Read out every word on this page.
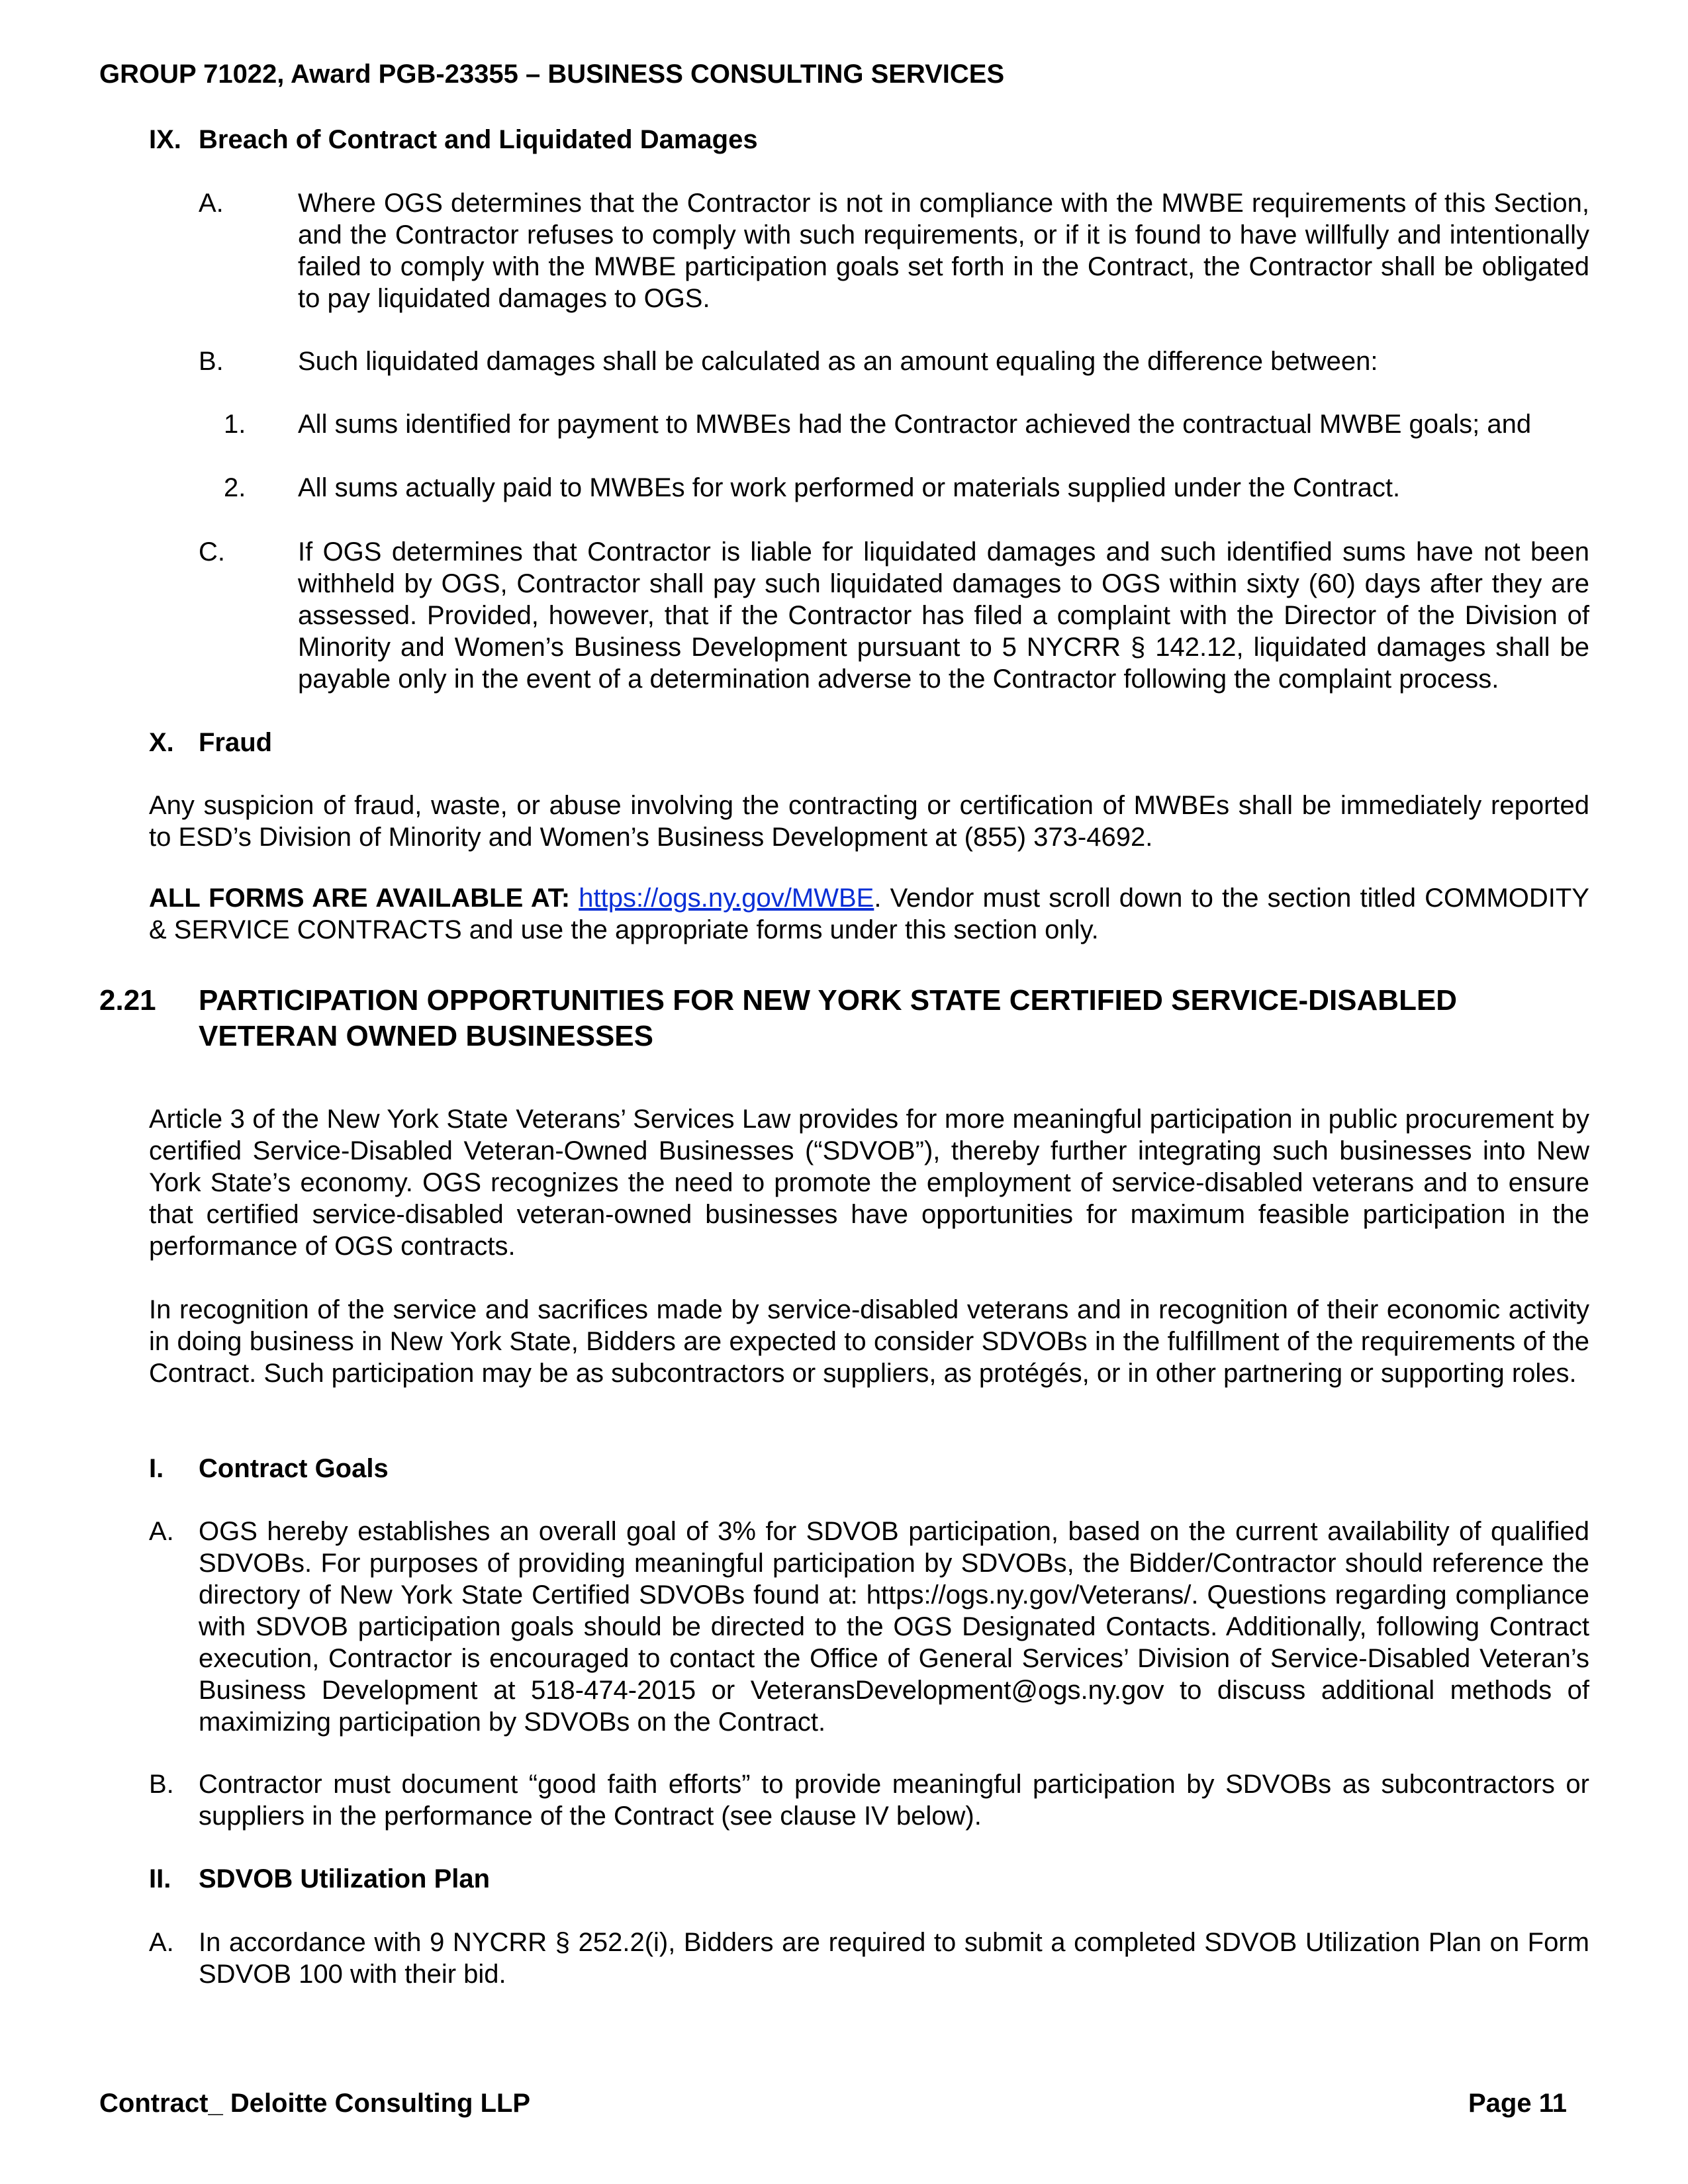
GROUP 71022, Award PGB-23355 – BUSINESS CONSULTING SERVICES
IX. Breach of Contract and Liquidated Damages
A.	Where OGS determines that the Contractor is not in compliance with the MWBE requirements of this Section, and the Contractor refuses to comply with such requirements, or if it is found to have willfully and intentionally failed to comply with the MWBE participation goals set forth in the Contract, the Contractor shall be obligated to pay liquidated damages to OGS.

B.	Such liquidated damages shall be calculated as an amount equaling the difference between:

1. All sums identified for payment to MWBEs had the Contractor achieved the contractual MWBE goals; and

2. All sums actually paid to MWBEs for work performed or materials supplied under the Contract.

C.	If OGS determines that Contractor is liable for liquidated damages and such identified sums have not been withheld by OGS, Contractor shall pay such liquidated damages to OGS within sixty (60) days after they are assessed. Provided, however, that if the Contractor has filed a complaint with the Director of the Division of Minority and Women’s Business Development pursuant to 5 NYCRR § 142.12, liquidated damages shall be payable only in the event of a determination adverse to the Contractor following the complaint process.

X. Fraud

Any suspicion of fraud, waste, or abuse involving the contracting or certification of MWBEs shall be immediately reported to ESD’s Division of Minority and Women’s Business Development at (855) 373-4692.

ALL FORMS ARE AVAILABLE AT: https://ogs.ny.gov/MWBE. Vendor must scroll down to the section titled COMMODITY & SERVICE CONTRACTS and use the appropriate forms under this section only.

2.21 PARTICIPATION OPPORTUNITIES FOR NEW YORK STATE CERTIFIED SERVICE-DISABLED VETERAN OWNED BUSINESSES

Article 3 of the New York State Veterans’ Services Law provides for more meaningful participation in public procurement by certified Service-Disabled Veteran-Owned Businesses (“SDVOB”), thereby further integrating such businesses into New York State’s economy. OGS recognizes the need to promote the employment of service-disabled veterans and to ensure that certified service-disabled veteran-owned businesses have opportunities for maximum feasible participation in the performance of OGS contracts.

In recognition of the service and sacrifices made by service-disabled veterans and in recognition of their economic activity in doing business in New York State, Bidders are expected to consider SDVOBs in the fulfillment of the requirements of the Contract. Such participation may be as subcontractors or suppliers, as protégés, or in other partnering or supporting roles.

I. Contract Goals
A. OGS hereby establishes an overall goal of 3% for SDVOB participation, based on the current availability of qualified SDVOBs. For purposes of providing meaningful participation by SDVOBs, the Bidder/Contractor should reference the directory of New York State Certified SDVOBs found at: https://ogs.ny.gov/Veterans/. Questions regarding compliance with SDVOB participation goals should be directed to the OGS Designated Contacts. Additionally, following Contract execution, Contractor is encouraged to contact the Office of General Services’ Division of Service-Disabled Veteran’s Business Development at 518-474-2015 or VeteransDevelopment@ogs.ny.gov to discuss additional methods of maximizing participation by SDVOBs on the Contract.

B. Contractor must document “good faith efforts” to provide meaningful participation by SDVOBs as subcontractors or suppliers in the performance of the Contract (see clause IV below).

II. SDVOB Utilization Plan
A. In accordance with 9 NYCRR § 252.2(i), Bidders are required to submit a completed SDVOB Utilization Plan on Form SDVOB 100 with their bid.

Contract_ Deloitte Consulting LLP	Page 11
